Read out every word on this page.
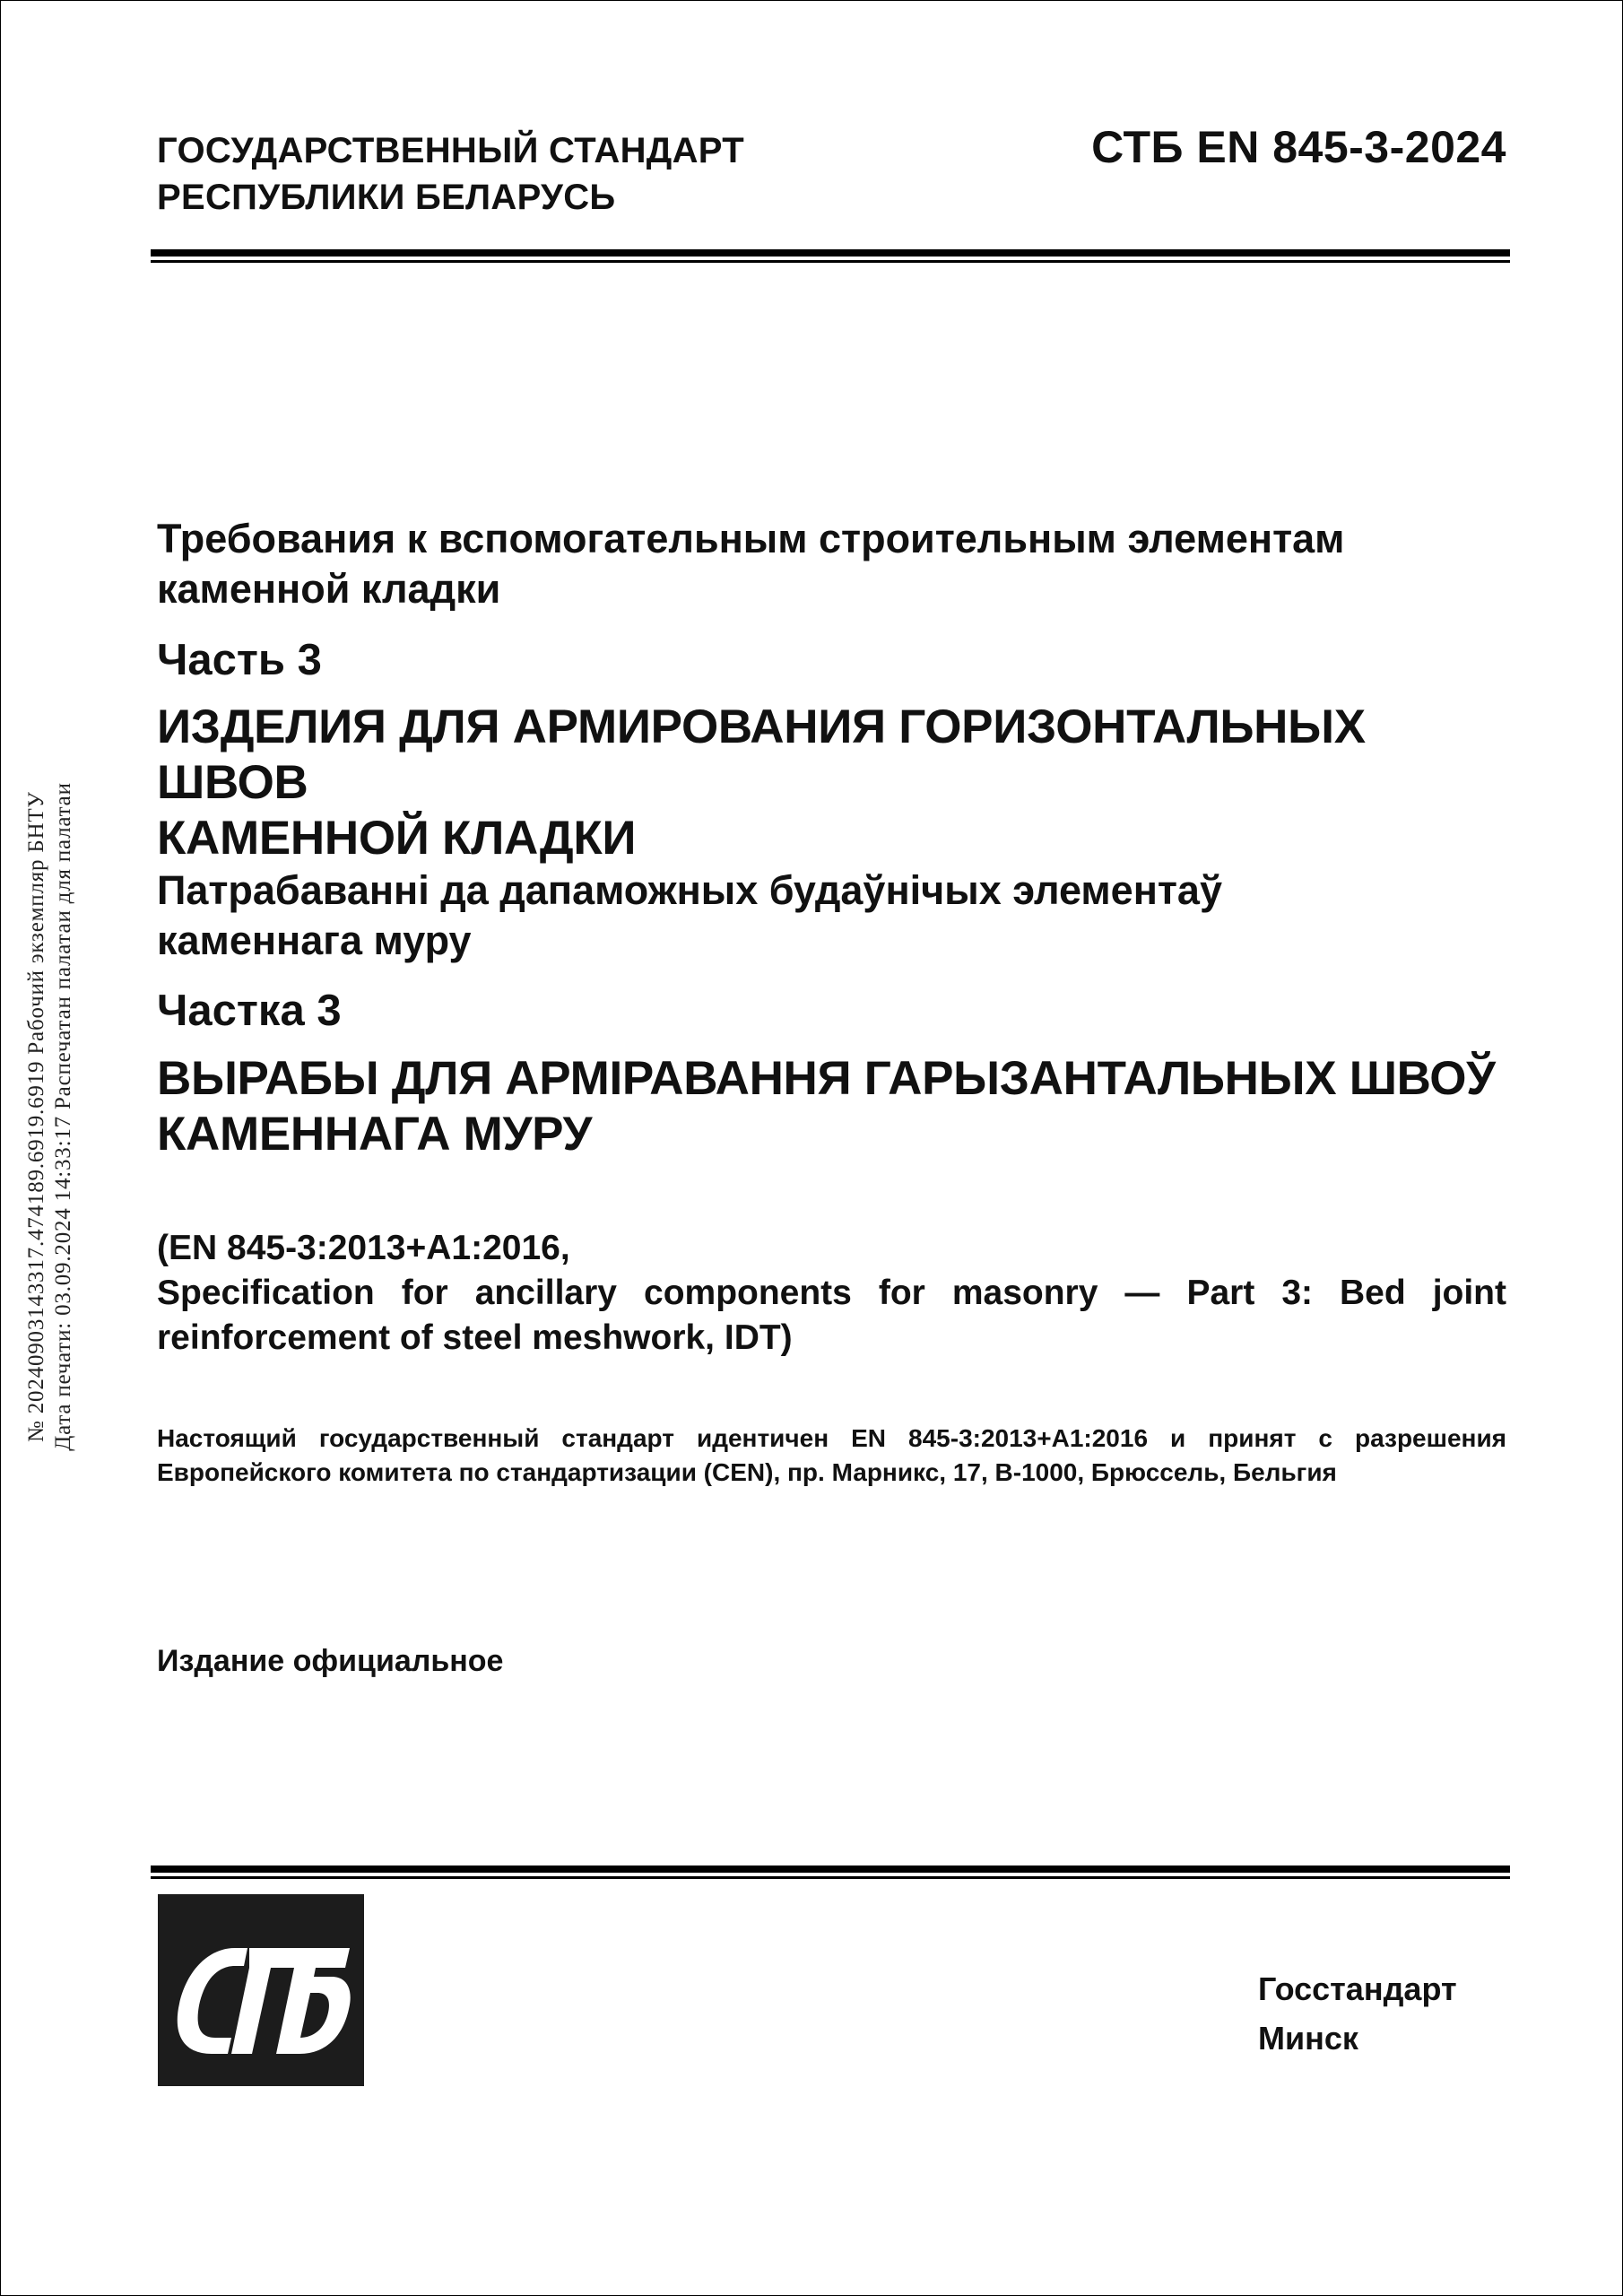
№ 20240903143317.474189.6919.6919 Рабочий экземпляр БНТУ Дата печати: 03.09.2024 14:33:17 Распечатан палатаи для палатаи
ГОСУДАРСТВЕННЫЙ СТАНДАРТ
РЕСПУБЛИКИ БЕЛАРУСЬ
СТБ EN 845-3-2024
Требования к вспомогательным строительным элементам
каменной кладки
Часть 3
ИЗДЕЛИЯ ДЛЯ АРМИРОВАНИЯ ГОРИЗОНТАЛЬНЫХ ШВОВ
КАМЕННОЙ КЛАДКИ
Патрабаванні да дапаможных будаўнічых элементаў
каменнага муру
Частка 3
ВЫРАБЫ ДЛЯ АРМІРАВАННЯ ГАРЫЗАНТАЛЬНЫХ ШВОЎ
КАМЕННАГА МУРУ
(EN 845-3:2013+A1:2016,
Specification for ancillary components for masonry — Part 3: Bed joint
reinforcement of steel meshwork, IDT)
Настоящий государственный стандарт идентичен EN 845-3:2013+A1:2016 и принят с разрешения
Европейского комитета по стандартизации (CEN), пр. Марникс, 17, B-1000, Брюссель, Бельгия
Издание официальное
Госстандарт
Минск
